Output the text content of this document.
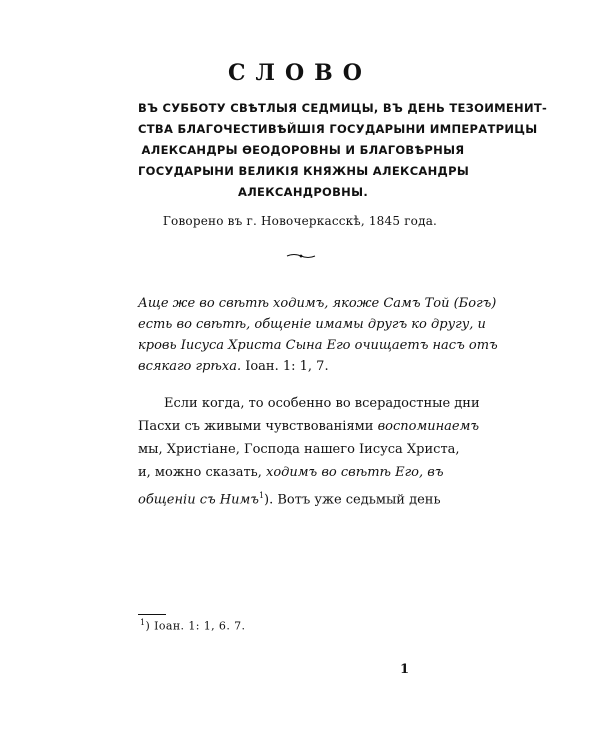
СЛОВО
ВЪ СУББОТУ СВѢТЛЫЯ СЕДМИЦЫ, ВЪ ДЕНЬ ТЕЗОИМЕНИТ-
СТВА БЛАГОЧЕСТИВѢЙШІЯ ГОСУДАРЫНИ ИМПЕРАТРИЦЫ
АЛЕКСАНДРЫ ѲЕОДОРОВНЫ И БЛАГОВѢРНЫЯ
ГОСУДАРЫНИ ВЕЛИКІЯ КНЯЖНЫ АЛЕКСАНДРЫ
АЛЕКСАНДРОВНЫ.
Говорено въ г. Новочеркасскѣ, 1845 года.
Аще же во свѣтѣ ходимъ, якоже Самъ Той (Богъ)
есть во свѣтѣ, общеніе имамы другъ ко другу, и
кровь Іисуса Христа Сына Его очищаетъ насъ отъ
всякаго грѣха. Іоан. 1: 1, 7.
Если когда, то особенно во всерадостные дни
Пасхи съ живыми чувствованіями воспоминаемъ
мы, Христіане, Господа нашего Іисуса Христа,
и, можно сказать, ходимъ во свѣтѣ Его, въ
общеніи съ Нимъ$^1$). Вотъ уже седьмый день
$^1$) Іоан. 1: 1, 6. 7.
1
